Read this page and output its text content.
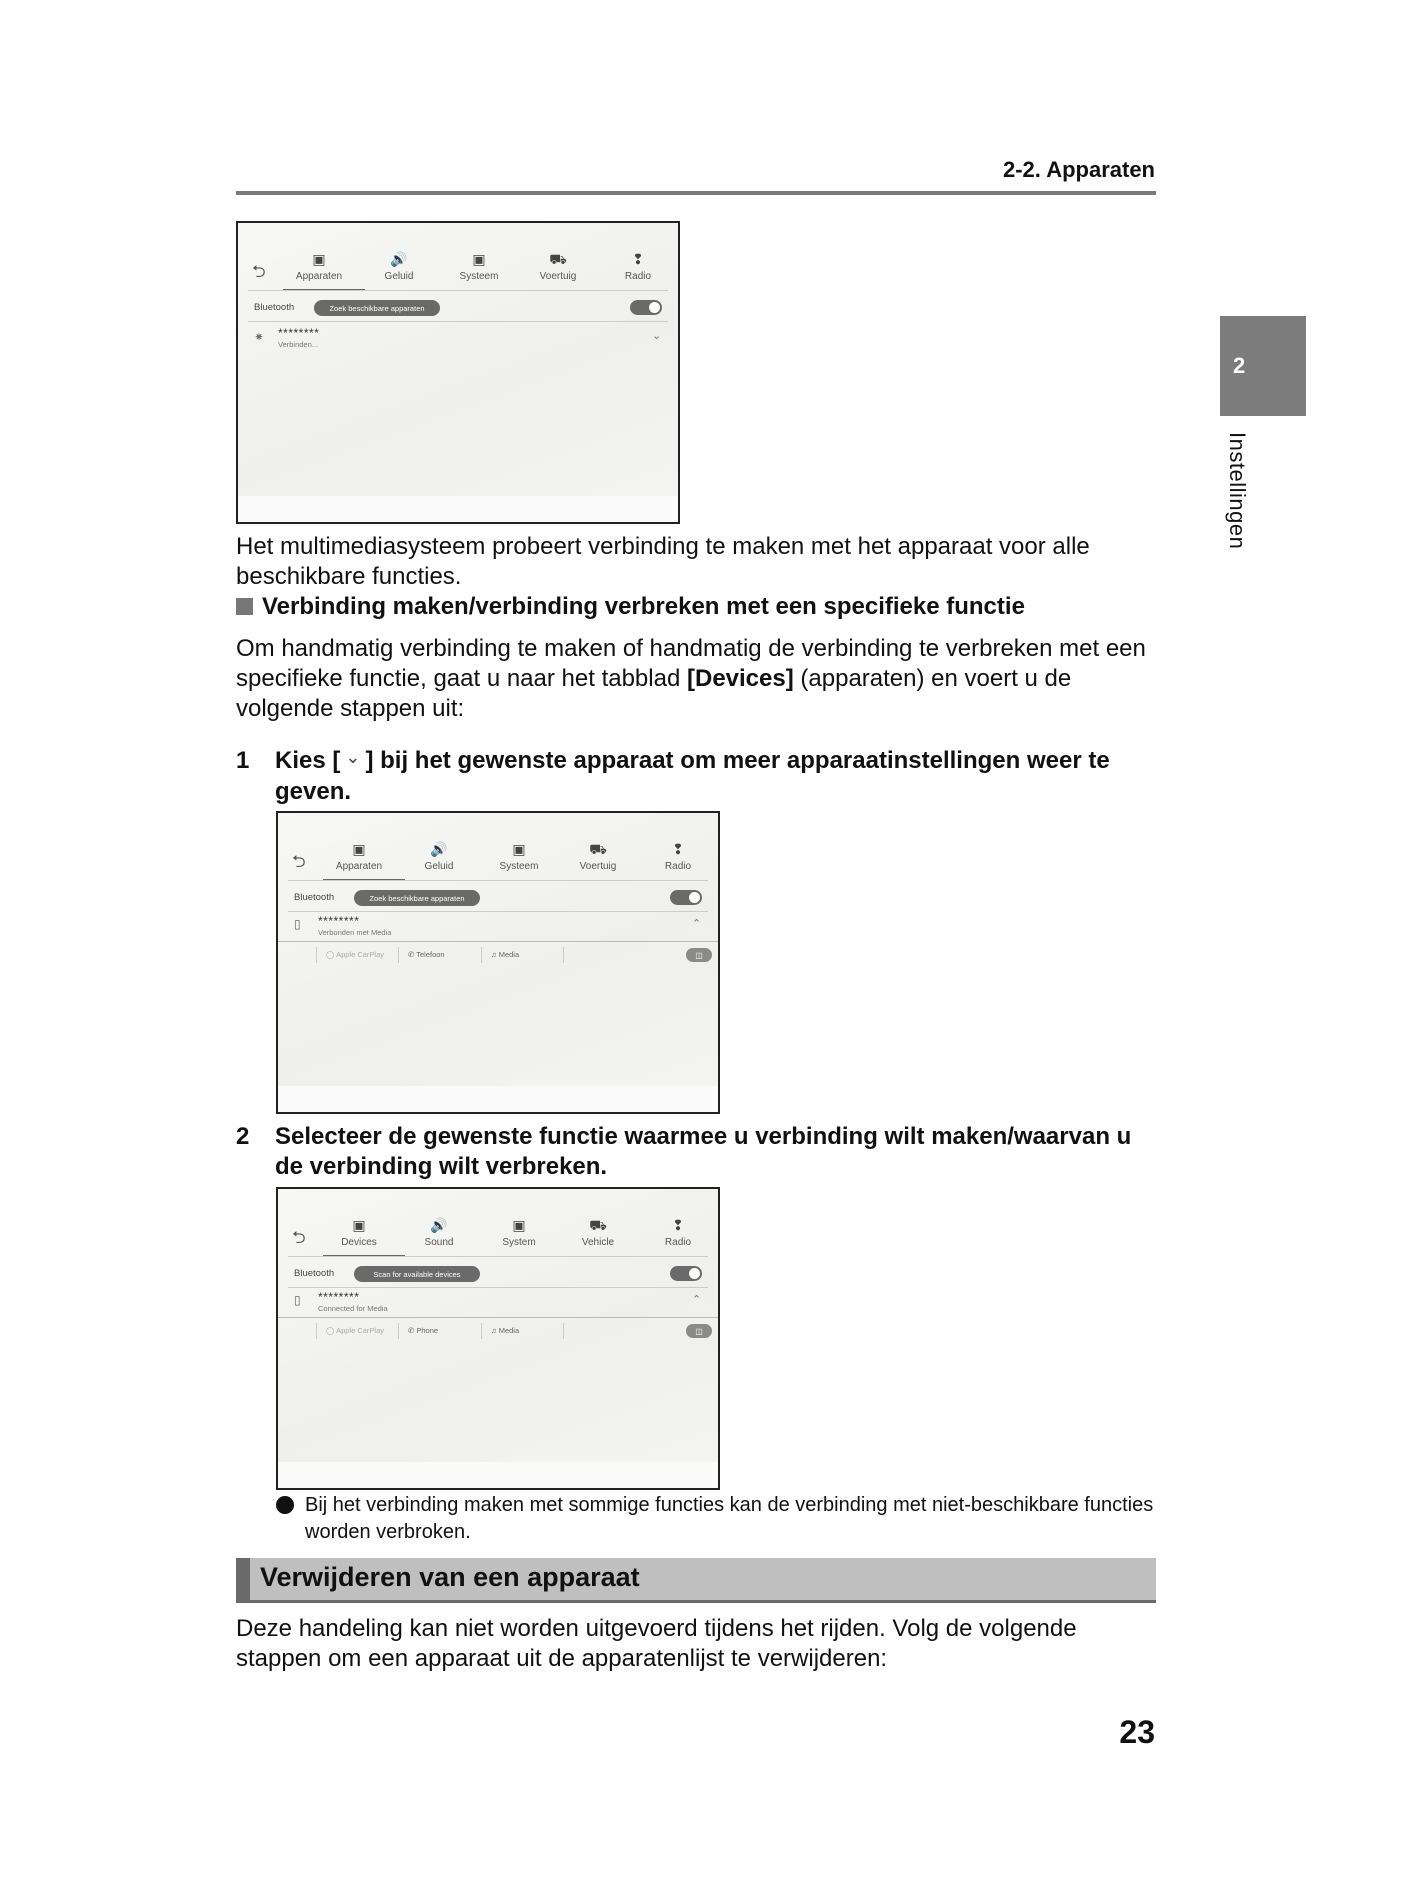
2-2. Apparaten
2
Instellingen
⮌
▣
Apparaten
🔊
Geluid
▣
Systeem
⛟
Voertuig
❢
Radio
Bluetooth	Zoek beschikbare apparaten
⁕ ********
Verbinden...
⌄
Het multimediasysteem probeert verbinding te maken met het apparaat voor alle beschikbare functies.
Verbinding maken/verbinding verbreken met een specifieke functie
Om handmatig verbinding te maken of handmatig de verbinding te verbreken met een specifieke functie, gaat u naar het tabblad [Devices] (apparaten) en voert u de volgende stappen uit:
1 Kies [ ⌄ ] bij het gewenste apparaat om meer apparaatinstellingen weer te geven.
⮌
▣
Apparaten
🔊
Geluid
▣
Systeem
⛟
Voertuig
❢
Radio
Bluetooth	Zoek beschikbare apparaten
▯ ********
Verbonden met Media
⌃
◯ Apple CarPlay	✆ Telefoon	♫ Media	◫
2 Selecteer de gewenste functie waarmee u verbinding wilt maken/waarvan u de verbinding wilt verbreken.
⮌
▣
Devices
🔊
Sound
▣
System
⛟
Vehicle
❢
Radio
Bluetooth	Scan for available devices
▯ ********
Connected for Media
⌃
◯ Apple CarPlay	✆ Phone	♫ Media	◫
Bij het verbinding maken met sommige functies kan de verbinding met niet-beschikbare functies worden verbroken.
Verwijderen van een apparaat
Deze handeling kan niet worden uitgevoerd tijdens het rijden. Volg de volgende stappen om een apparaat uit de apparatenlijst te verwijderen:
23
